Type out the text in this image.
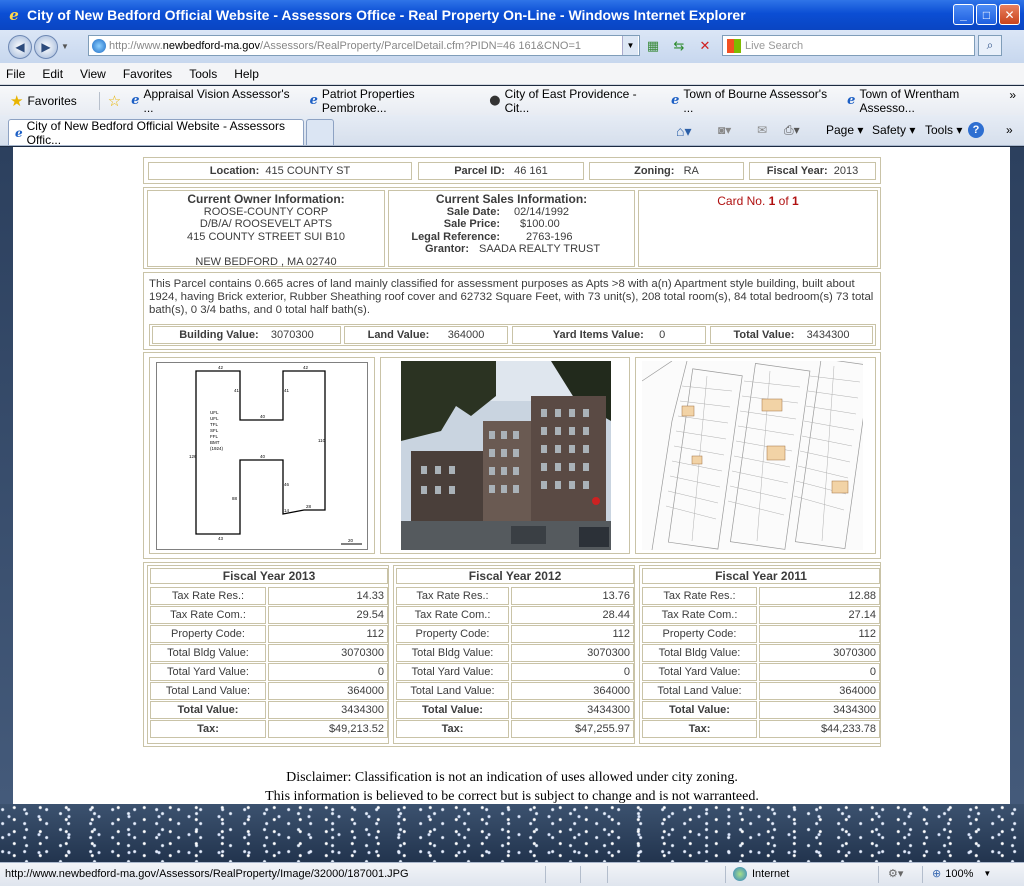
e City of New Bedford Official Website - Assessors Office - Real Property On-Line - Windows Internet Explorer	_	□	✕
◀ ▶ ▼	http://www. newbedford-ma.gov /Assessors/RealProperty/ParcelDetail.cfm?PIDN=46 161&CNO=1	▼ ▦	⇆	✕	Live Search	⌕
File Edit View Favorites Tools Help
★ Favorites ☆ e Appraisal Vision Assessor's ...	e Patriot Properties Pembroke...	● City of East Providence - Cit...	e Town of Bourne Assessor's ...	e Town of Wrentham Assesso...
»
e City of New Bedford Official Website - Assessors Offic...
⌂▾ ◙▾ ✉ ⎙▾ Page ▾ Safety ▾ Tools ▾ ?	»
Location:
415 COUNTY ST	Parcel ID:
46 161	Zoning:
RA	Fiscal Year:
2013
Current Owner Information:
ROOSE-COUNTY CORP
D/B/A/ ROOSEVELT APTS
415 COUNTY STREET SUI B10
NEW BEDFORD , MA 02740
Current Sales Information:
Sale Date: 02/14/1992
Sale Price: $100.00
Legal Reference: 2763-196
Grantor: SAADA REALTY TRUST
Card No. 1 of 1
This Parcel contains 0.665 acres of land mainly classified for assessment purposes as Apts >8 with a(n) Apartment style building, built about 1924, having Brick exterior, Rubber Sheathing roof cover and 62732 Square Feet, with 73 unit(s), 208 total room(s), 84 total bedroom(s) 73 total bath(s), 0 3/4 baths, and 0 total half bath(s).
Building Value:
3070300	Land Value:
364000	Yard Items Value:
0	Total Value:
3434300
42	42
41	41
40
40
110
126
46
88
14
28
43	20
UFL
UFL
TFL
SFL
FFL
BMT
(1924)
Fiscal Year 2013
Tax Rate Res.:	14.33
Tax Rate Com.:	29.54
Property Code:	112
Total Bldg Value:	3070300
Total Yard Value:	0
Total Land Value:	364000
Total Value:	3434300
Tax:	$49,213.52
Fiscal Year 2012
Tax Rate Res.:	13.76
Tax Rate Com.:	28.44
Property Code:	112
Total Bldg Value:	3070300
Total Yard Value:	0
Total Land Value:	364000
Total Value:	3434300
Tax:	$47,255.97
Fiscal Year 2011
Tax Rate Res.:	12.88
Tax Rate Com.:	27.14
Property Code:	112
Total Bldg Value:	3070300
Total Yard Value:	0
Total Land Value:	364000
Total Value:	3434300
Tax:	$44,233.78
Disclaimer: Classification is not an indication of uses allowed under city zoning.
This information is believed to be correct but is subject to change and is not warranteed.
http://www.newbedford-ma.gov/Assessors/RealProperty/Image/32000/187001.JPG	Internet	⚙▾	⊕ 100% ▼
